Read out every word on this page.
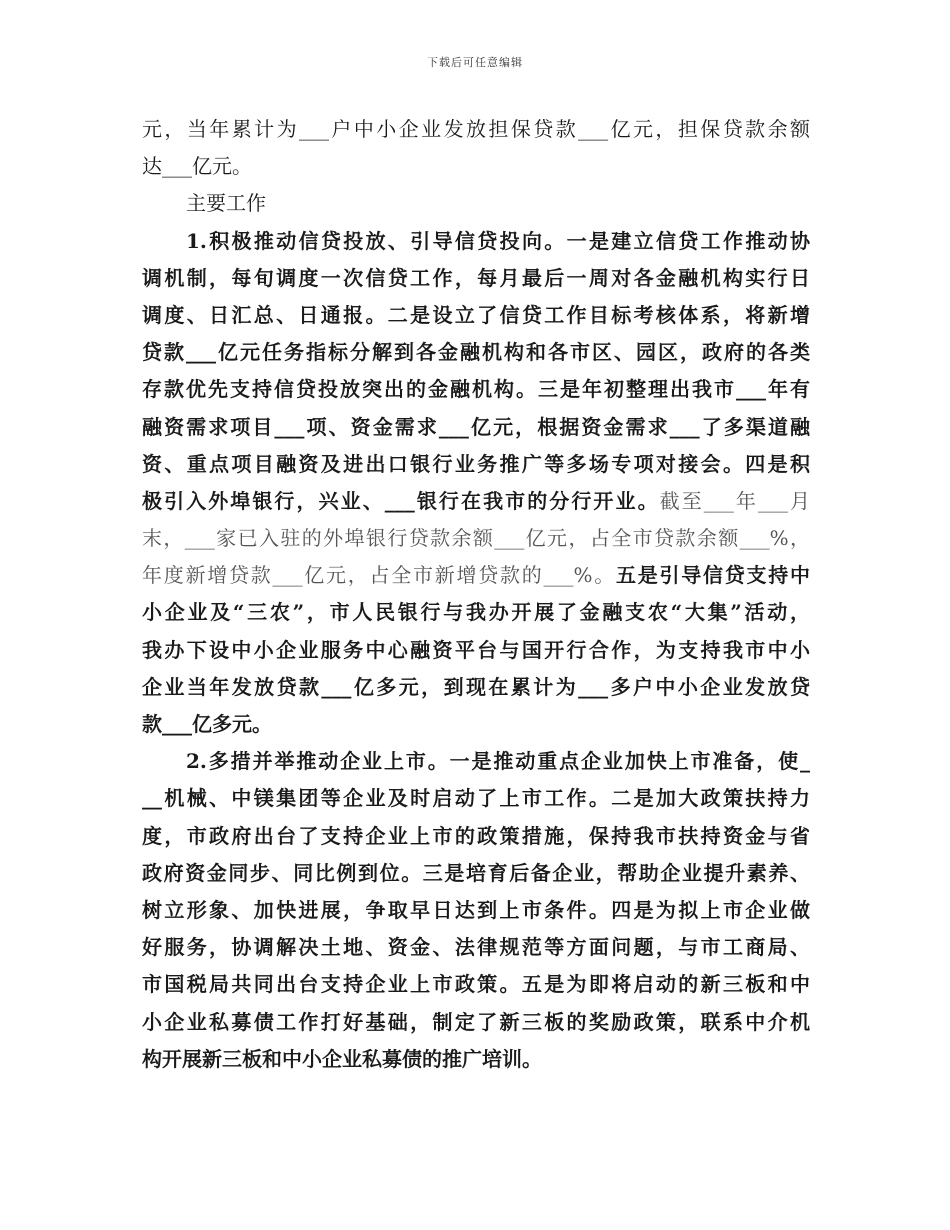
下载后可任意编辑
元，当年累计为___户中小企业发放担保贷款___亿元，担保贷款余额
达___亿元。
主要工作
1.积极推动信贷投放、引导信贷投向。一是建立信贷工作推动协
调机制，每旬调度一次信贷工作，每月最后一周对各金融机构实行日
调度、日汇总、日通报。二是设立了信贷工作目标考核体系，将新增
贷款___亿元任务指标分解到各金融机构和各市区、园区，政府的各类
存款优先支持信贷投放突出的金融机构。三是年初整理出我市___年有
融资需求项目___项、资金需求___亿元，根据资金需求___了多渠道融
资、重点项目融资及进出口银行业务推广等多场专项对接会。四是积
极引入外埠银行，兴业、___银行在我市的分行开业。截至___年___月
末，___家已入驻的外埠银行贷款余额___亿元，占全市贷款余额___%，
年度新增贷款___亿元，占全市新增贷款的___%。五是引导信贷支持中
小企业及“三农”，市人民银行与我办开展了金融支农“大集”活动，
我办下设中小企业服务中心融资平台与国开行合作，为支持我市中小
企业当年发放贷款___亿多元，到现在累计为___多户中小企业发放贷
款___亿多元。
2.多措并举推动企业上市。一是推动重点企业加快上市准备，使_
__机械、中镁集团等企业及时启动了上市工作。二是加大政策扶持力
度，市政府出台了支持企业上市的政策措施，保持我市扶持资金与省
政府资金同步、同比例到位。三是培育后备企业，帮助企业提升素养、
树立形象、加快进展，争取早日达到上市条件。四是为拟上市企业做
好服务，协调解决土地、资金、法律规范等方面问题，与市工商局、
市国税局共同出台支持企业上市政策。五是为即将启动的新三板和中
小企业私募债工作打好基础，制定了新三板的奖励政策，联系中介机
构开展新三板和中小企业私募债的推广培训。
